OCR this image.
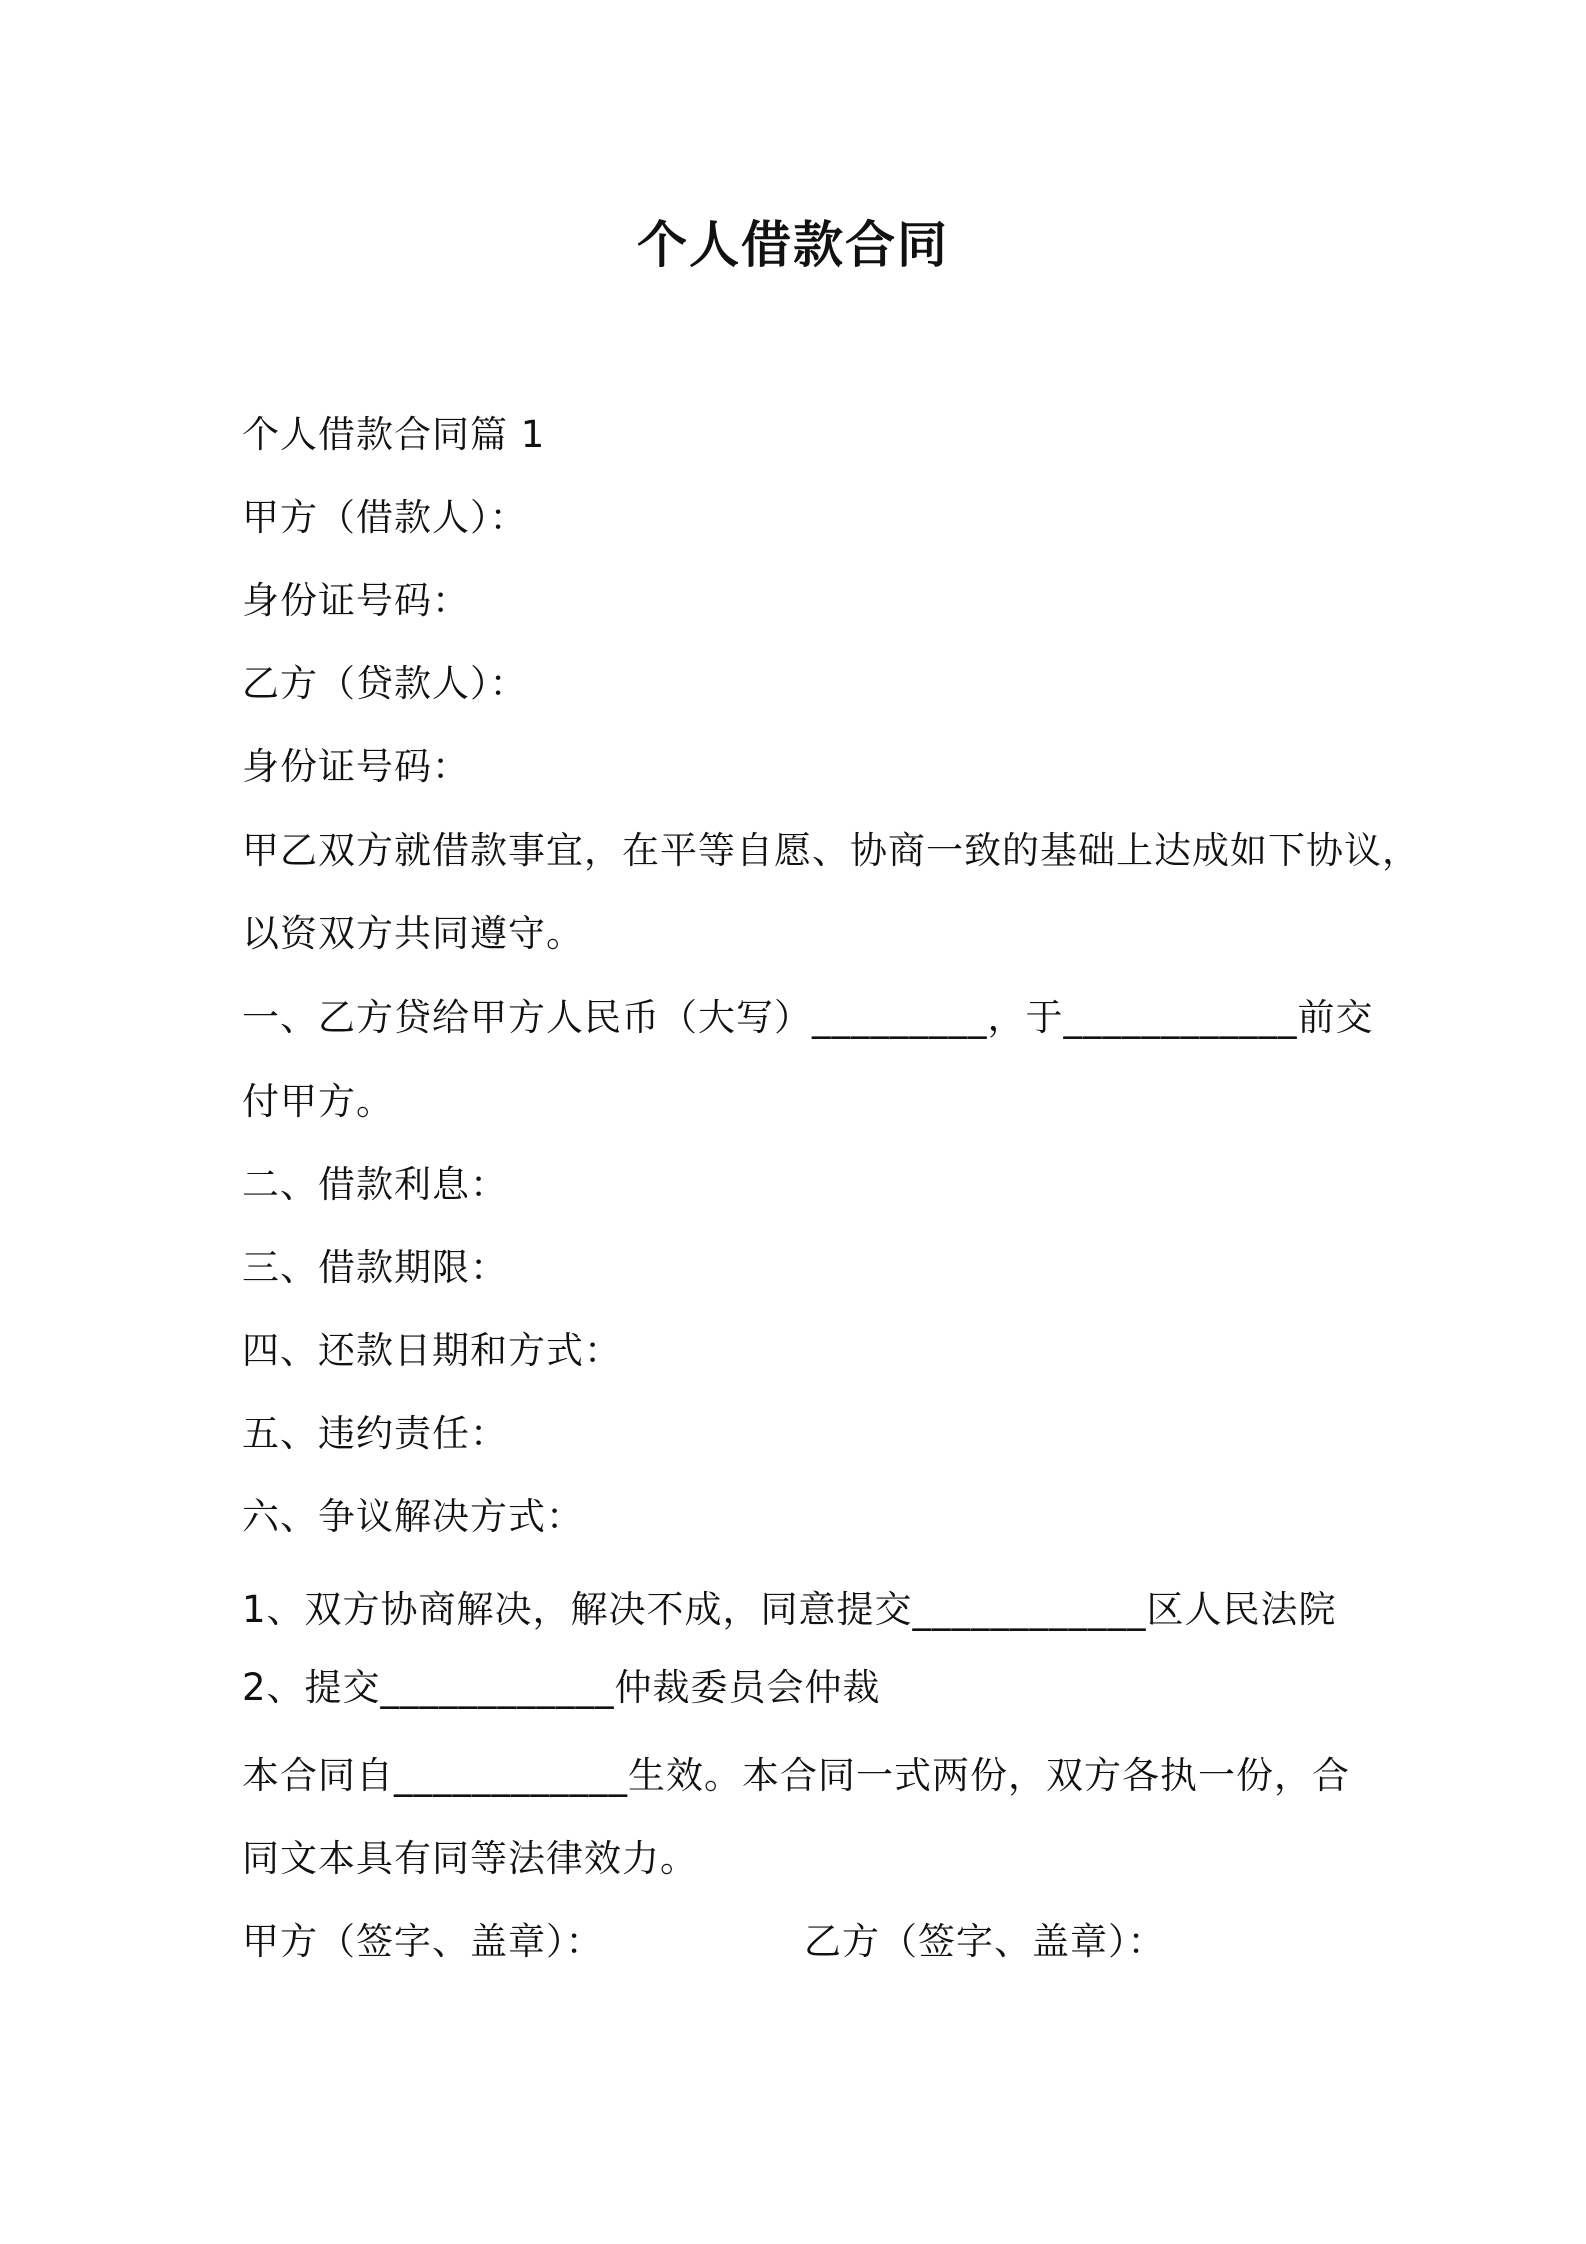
个人借款合同
个人借款合同篇 1
甲方（借款人）：
身份证号码：
乙方（贷款人）：
身份证号码：
甲乙双方就借款事宜，在平等自愿、协商一致的基础上达成如下协议，
以资双方共同遵守。
一、乙方贷给甲方人民币（大写）_________，于____________前交
付甲方。
二、借款利息：
三、借款期限：
四、还款日期和方式：
五、违约责任：
六、争议解决方式：
1、双方协商解决，解决不成，同意提交____________区人民法院
2、提交____________仲裁委员会仲裁
本合同自____________生效。本合同一式两份，双方各执一份，合
同文本具有同等法律效力。
甲方（签字、盖章）：	乙方（签字、盖章）：
